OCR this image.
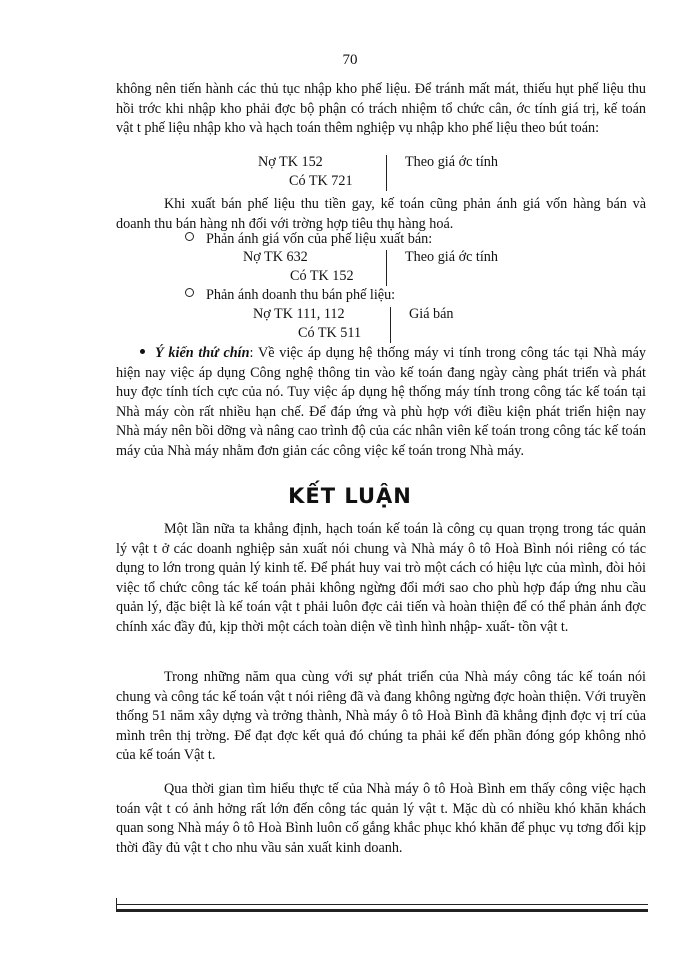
70
không nên tiến hành các thủ tục nhập kho phế liệu. Để tránh mất mát, thiếu hụt phế liệu thu hồi trớc khi nhập kho phải đợc bộ phận có trách nhiệm tổ chức cân, ớc tính giá trị, kế toán vật t phế liệu nhập kho và hạch toán thêm nghiệp vụ nhập kho phế liệu theo bút toán:
Nợ TK 152
Có TK 721
Theo giá ớc tính
Khi xuất bán phế liệu thu tiền gay, kế toán cũng phản ánh giá vốn hàng bán và doanh thu bán hàng nh đối với trờng hợp tiêu thụ hàng hoá.
Phản ánh giá vốn của phế liệu xuất bán:
Nợ TK 632
Có TK 152
Theo giá ớc tính
Phản ánh doanh thu bán phế liệu:
Nợ TK 111, 112
Có TK 511
Giá bán
Ý kiến thứ chín: Về việc áp dụng hệ thống máy vi tính trong công tác tại Nhà máy hiện nay việc áp dụng Công nghệ thông tin vào kế toán đang ngày càng phát triển và phát huy đợc tính tích cực của nó. Tuy việc áp dụng hệ thống máy tính trong công tác kế toán tại Nhà máy còn rất nhiều hạn chế. Để đáp ứng và phù hợp với điều kiện phát triển hiện nay Nhà máy nên bồi dỡng và nâng cao trình độ của các nhân viên kế toán trong công tác kế toán máy của Nhà máy nhằm đơn giản các công việc kế toán trong Nhà máy.
KẾT LUẬN
Một lần nữa ta khẳng định, hạch toán kế toán là công cụ quan trọng trong tác quản lý vật t ở các doanh nghiệp sản xuất nói chung và Nhà máy ô tô Hoà Bình nói riêng có tác dụng to lớn trong quản lý kinh tế. Để phát huy vai trò một cách có hiệu lực của mình, đòi hỏi việc tổ chức công tác kế toán phải không ngừng đổi mới sao cho phù hợp đáp ứng nhu cầu quản lý, đặc biệt là kế toán vật t phải luôn đợc cải tiến và hoàn thiện để có thể phản ánh đợc chính xác đầy đủ, kịp thời một cách toàn diện về tình hình nhập- xuất- tồn vật t.
Trong những năm qua cùng với sự phát triển của Nhà máy công tác kế toán nói chung và công tác kế toán vật t nói riêng đã và đang không ngừng đợc hoàn thiện. Với truyền thống 51 năm xây dựng và trởng thành, Nhà máy ô tô Hoà Bình đã khẳng định đợc vị trí của mình trên thị trờng. Để đạt đợc kết quả đó chúng ta phải kể đến phần đóng góp không nhỏ của kế toán Vật t.
Qua thời gian tìm hiểu thực tế của Nhà máy ô tô Hoà Bình em thấy công việc hạch toán vật t có ảnh hởng rất lớn đến công tác quản lý vật t. Mặc dù có nhiều khó khăn khách quan song Nhà máy ô tô Hoà Bình luôn cố gắng khắc phục khó khăn để phục vụ tơng đối kịp thời đầy đủ vật t cho nhu vầu sản xuất kinh doanh.
